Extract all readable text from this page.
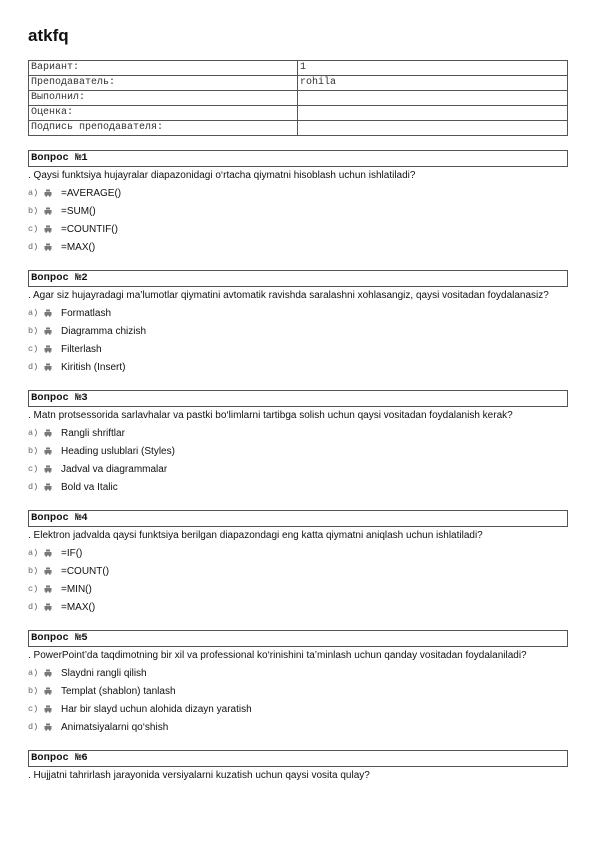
atkfq
Вариант:	1
Преподаватель:	rohila
Выполнил:	
Оценка:	
Подпись преподавателя:	
Вопрос №1
. Qaysi funktsiya hujayralar diapazonidagi o‘rtacha qiymatni hisoblash uchun ishlatiladi?
a)	=AVERAGE()
b)	=SUM()
c)	=COUNTIF()
d)	=MAX()
Вопрос №2
. Agar siz hujayradagi ma’lumotlar qiymatini avtomatik ravishda saralashni xohlasangiz, qaysi vositadan foydalanasiz?
a)	Formatlash
b)	Diagramma chizish
c)	Filterlash
d)	Kiritish (Insert)
Вопрос №3
. Matn protsessorida sarlavhalar va pastki bo‘limlarni tartibga solish uchun qaysi vositadan foydalanish kerak?
a)	Rangli shriftlar
b)	Heading uslublari (Styles)
c)	Jadval va diagrammalar
d)	Bold va Italic
Вопрос №4
. Elektron jadvalda qaysi funktsiya berilgan diapazondagi eng katta qiymatni aniqlash uchun ishlatiladi?
a)	=IF()
b)	=COUNT()
c)	=MIN()
d)	=MAX()
Вопрос №5
. PowerPoint’da taqdimotning bir xil va professional ko‘rinishini ta’minlash uchun qanday vositadan foydalaniladi?
a)	Slaydni rangli qilish
b)	Templat (shablon) tanlash
c)	Har bir slayd uchun alohida dizayn yaratish
d)	Animatsiyalarni qo‘shish
Вопрос №6
. Hujjatni tahrirlash jarayonida versiyalarni kuzatish uchun qaysi vosita qulay?
